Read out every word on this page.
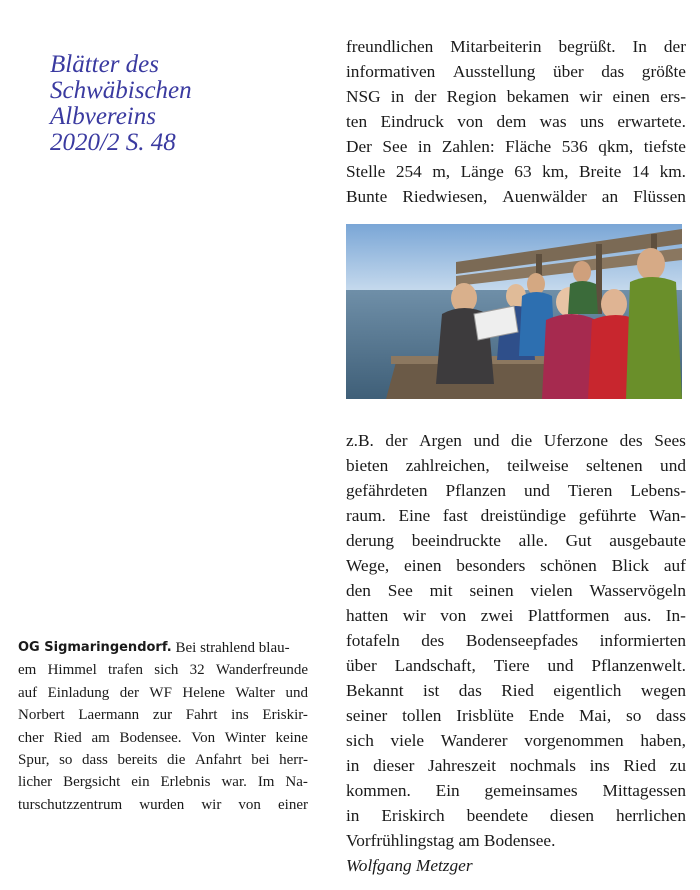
Blätter des
Schwäbischen
Albvereins
2020/2 S. 48
freundlichen Mitarbeiterin begrüßt. In der
informativen Ausstellung über das größte
NSG in der Region bekamen wir einen ers-
ten Eindruck von dem was uns erwartete.
Der See in Zahlen: Fläche 536 qkm, tiefste
Stelle 254 m, Länge 63 km, Breite 14 km.
Bunte Riedwiesen, Auenwälder an Flüssen
z.B. der Argen und die Uferzone des Sees
bieten zahlreichen, teilweise seltenen und
gefährdeten Pflanzen und Tieren Lebens-
raum. Eine fast dreistündige geführte Wan-
derung beeindruckte alle. Gut ausgebaute
Wege, einen besonders schönen Blick auf
den See mit seinen vielen Wasservögeln
hatten wir von zwei Plattformen aus. In-
fotafeln des Bodenseepfades informierten
über Landschaft, Tiere und Pflanzenwelt.
Bekannt ist das Ried eigentlich wegen
seiner tollen Irisblüte Ende Mai, so dass
sich viele Wanderer vorgenommen haben,
in dieser Jahreszeit nochmals ins Ried zu
kommen. Ein gemeinsames Mittagessen
in Eriskirch beendete diesen herrlichen
Vorfrühlingstag am Bodensee.
Wolfgang Metzger
OG Sigmaringendorf.
Bei strahlend blau-
em Himmel trafen sich 32 Wanderfreunde
auf Einladung der WF Helene Walter und
Norbert Laermann zur Fahrt ins Eriskir-
cher Ried am Bodensee. Von Winter keine
Spur, so dass bereits die Anfahrt bei herr-
licher Bergsicht ein Erlebnis war. Im Na-
turschutzzentrum wurden wir von einer
